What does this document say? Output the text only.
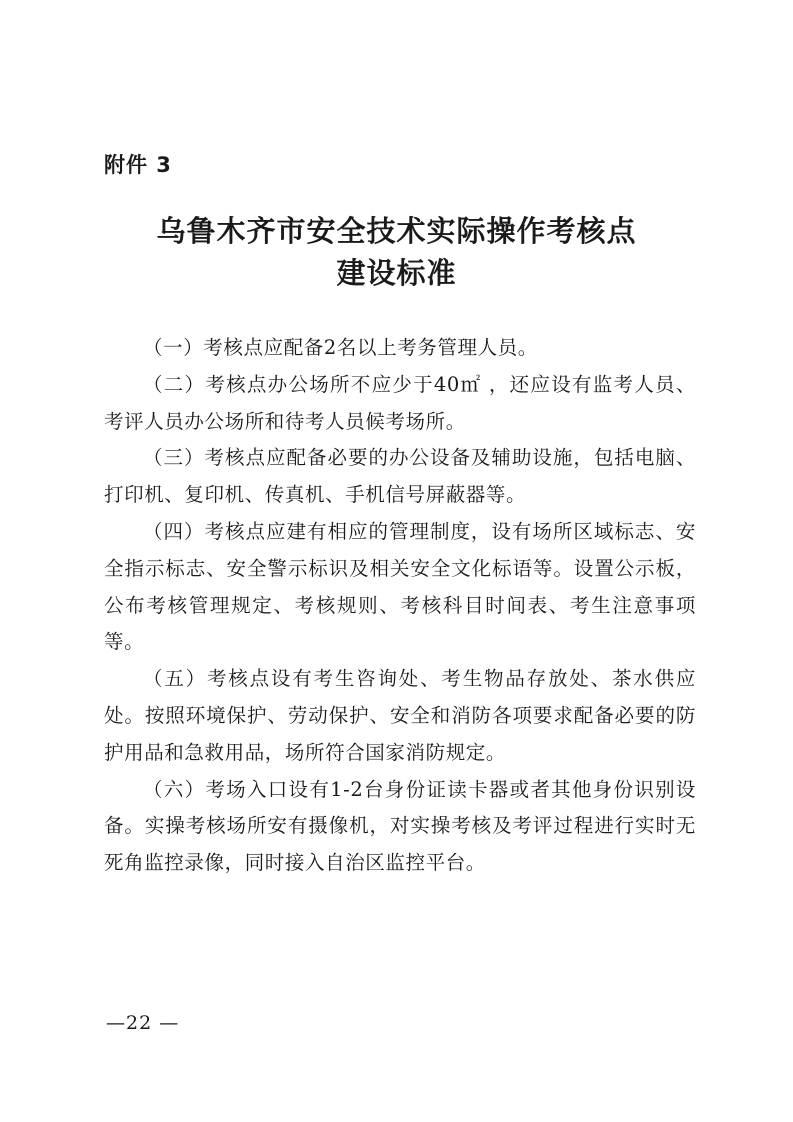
附件 3
乌鲁木齐市安全技术实际操作考核点
建设标准

（一）考核点应配备2名以上考务管理人员。

（二）考核点办公场所不应少于40㎡ ，还应设有监考人员、 考评人员办公场所和待考人员候考场所。

（三）考核点应配备必要的办公设备及辅助设施，包括电脑、打印机、复印机、传真机、手机信号屏蔽器等。

（四）考核点应建有相应的管理制度，设有场所区域标志、安全指示标志、安全警示标识及相关安全文化标语等。设置公示板，公布考核管理规定、考核规则、考核科目时间表、考生注意事项等。

（五）考核点设有考生咨询处、考生物品存放处、茶水供应处。按照环境保护、劳动保护、安全和消防各项要求配备必要的防护用品和急救用品，场所符合国家消防规定。

（六）考场入口设有1-2台身份证读卡器或者其他身份识别设备。实操考核场所安有摄像机，对实操考核及考评过程进行实时无死角监控录像，同时接入自治区监控平台。

—22 —
